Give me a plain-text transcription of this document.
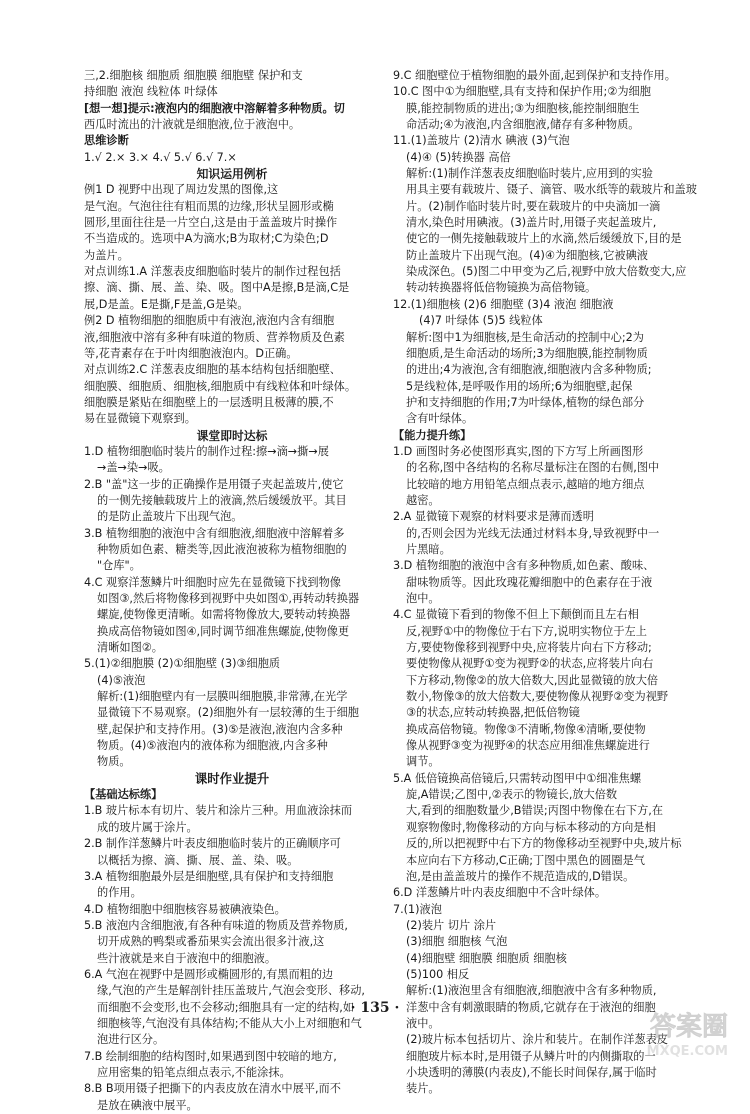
三,2.细胞核 细胞质 细胞膜 细胞壁 保护和支
持细胞 液泡 线粒体 叶绿体
[想一想]提示:液泡内的细胞液中溶解着多种物质。切
西瓜时流出的汁液就是细胞液,位于液泡中。
思维诊断
1.√ 2.× 3.× 4.√ 5.√ 6.√ 7.×
知识运用例析
例1 D 视野中出现了周边发黑的图像,这
是气泡。气泡往往有粗而黑的边缘,形状呈圆形或椭
圆形,里面往往是一片空白,这是由于盖盖玻片时操作
不当造成的。选项中A为滴水;B为取材;C为染色;D
为盖片。
对点训练1.A 洋葱表皮细胞临时装片的制作过程包括
擦、滴、撕、展、盖、染、吸。图中A是擦,B是滴,C是
展,D是盖。E是撕,F是盖,G是染。
例2 D 植物细胞的细胞质中有液泡,液泡内含有细胞
液,细胞液中溶有多种有味道的物质、营养物质及色素
等,花青素存在于叶肉细胞液泡内。D正确。
对点训练2.C 洋葱表皮细胞的基本结构包括细胞壁、
细胞膜、细胞质、细胞核,细胞质中有线粒体和叶绿体。
细胞膜是紧贴在细胞壁上的一层透明且极薄的膜,不
易在显微镜下观察到。
课堂即时达标
1.D 植物细胞临时装片的制作过程:擦→滴→撕→展
→盖→染→吸。
2.B "盖"这一步的正确操作是用镊子夹起盖玻片,使它
的一侧先接触载玻片上的液滴,然后缓缓放平。其目
的是防止盖玻片下出现气泡。
3.B 植物细胞的液泡中含有细胞液,细胞液中溶解着多
种物质如色素、糖类等,因此液泡被称为植物细胞的
"仓库"。
4.C 观察洋葱鳞片叶细胞时应先在显微镜下找到物像
如图③,然后将物像移到视野中央如图①,再转动转换器
螺旋,使物像更清晰。如需将物像放大,要转动转换器
换成高倍物镜如图④,同时调节细准焦螺旋,使物像更
清晰如图②。
5.(1)②细胞膜 (2)①细胞壁 (3)③细胞质
(4)⑤液泡
解析:(1)细胞壁内有一层膜叫细胞膜,非常薄,在光学
显微镜下不易观察。(2)细胞外有一层较薄的生于细胞
壁,起保护和支持作用。(3)⑤是液泡,液泡内含多种
物质。(4)⑤液泡内的液体称为细胞液,内含多种
物质。
课时作业提升
【基础达标练】
1.B 玻片标本有切片、装片和涂片三种。用血液涂抹而
成的玻片属于涂片。
2.B 制作洋葱鳞片叶表皮细胞临时装片的正确顺序可
以概括为擦、滴、撕、展、盖、染、吸。
3.A 植物细胞最外层是细胞壁,具有保护和支持细胞
的作用。
4.D 植物细胞中细胞核容易被碘液染色。
5.B 液泡内含细胞液,有各种有味道的物质及营养物质,
切开成熟的鸭梨或番茄果实会流出很多汁液,这
些汁液就是来自于液泡中的细胞液。
6.A 气泡在视野中是圆形或椭圆形的,有黑而粗的边
缘,气泡的产生是解剖针挂压盖玻片,气泡会变形、移动,
而细胞不会变形,也不会移动;细胞具有一定的结构,如
细胞核等,气泡没有具体结构;不能从大小上对细胞和气
泡进行区分。
7.B 绘制细胞的结构图时,如果遇到图中较暗的地方,
应用密集的铅笔点细点表示,不能涂抹。
8.B B项用镊子把撕下的内表皮放在清水中展平,而不
是放在碘液中展平。
9.C 细胞壁位于植物细胞的最外面,起到保护和支持作用。
10.C 图中①为细胞壁,具有支持和保护作用;②为细胞
膜,能控制物质的进出;③为细胞核,能控制细胞生
命活动;④为液泡,内含细胞液,储存有多种物质。
11.(1)盖玻片 (2)清水 碘液 (3)气泡
(4)④ (5)转换器 高倍
解析:(1)制作洋葱表皮细胞临时装片,应用到的实验
用具主要有载玻片、镊子、滴管、吸水纸等的载玻片和盖玻
片。(2)制作临时装片时,要在载玻片的中央滴加一滴
清水,染色时用碘液。(3)盖片时,用镊子夹起盖玻片,
使它的一侧先接触载玻片上的水滴,然后缓缓放下,目的是
防止盖玻片下出现气泡。(4)④为细胞核,它被碘液
染成深色。(5)图二中甲变为乙后,视野中放大倍数变大,应
转动转换器将低倍物镜换为高倍物镜。
12.(1)细胞核 (2)6 细胞壁 (3)4 液泡 细胞液
(4)7 叶绿体 (5)5 线粒体
解析:图中1为细胞核,是生命活动的控制中心;2为
细胞质,是生命活动的场所;3为细胞膜,能控制物质
的进出;4为液泡,含有细胞液,细胞液内含多种物质;
5是线粒体,是呼吸作用的场所;6为细胞壁,起保
护和支持细胞的作用;7为叶绿体,植物的绿色部分
含有叶绿体。
【能力提升练】
1.D 画图时务必使图形真实,图的下方写上所画图形
的名称,图中各结构的名称尽量标注在图的右侧,图中
比较暗的地方用铅笔点细点表示,越暗的地方细点
越密。
2.A 显微镜下观察的材料要求是薄而透明
的,否则会因为光线无法通过材料本身,导致视野中一
片黑暗。
3.D 植物细胞的液泡中含有多种物质,如色素、酸味、
甜味物质等。因此玫瑰花瓣细胞中的色素存在于液
泡中。
4.C 显微镜下看到的物像不但上下颠倒而且左右相
反,视野①中的物像位于右下方,说明实物位于左上
方,要使物像移到视野中央,应将装片向右下方移动;
要使物像从视野①变为视野②的状态,应将装片向右
下方移动,物像②的放大倍数大,因此显微镜的放大倍
数小,物像③的放大倍数大,要使物像从视野②变为视野
③的状态,应转动转换器,把低倍物镜
换成高倍物镜。物像③不清晰,物像④清晰,要使物
像从视野③变为视野④的状态应用细准焦螺旋进行
调节。
5.A 低倍镜换高倍镜后,只需转动图甲中①细准焦螺
旋,A错误;乙图中,②表示的物镜长,放大倍数
大,看到的细胞数量少,B错误;丙图中物像在右下方,在
观察物像时,物像移动的方向与标本移动的方向是相
反的,所以把视野中右下方的物像移动至视野中央,玻片标
本应向右下方移动,C正确;丁图中黑色的圆圈是气
泡,是由盖盖玻片的操作不规范造成的,D错误。
6.D 洋葱鳞片叶内表皮细胞中不含叶绿体。
7.(1)液泡
(2)装片 切片 涂片
(3)细胞 细胞核 气泡
(4)细胞壁 细胞膜 细胞质 细胞核
(5)100 相反
解析:(1)液泡里含有细胞液,细胞液中含有多种物质,
洋葱中含有刺激眼睛的物质,它就存在于液泡的细胞
液中。
(2)玻片标本包括切片、涂片和装片。在制作洋葱表皮
细胞玻片标本时,是用镊子从鳞片叶的内侧撕取的一
小块透明的薄膜(内表皮),不能长时间保存,属于临时
装片。
· 135 ·
答案圈
MXQE.COM
